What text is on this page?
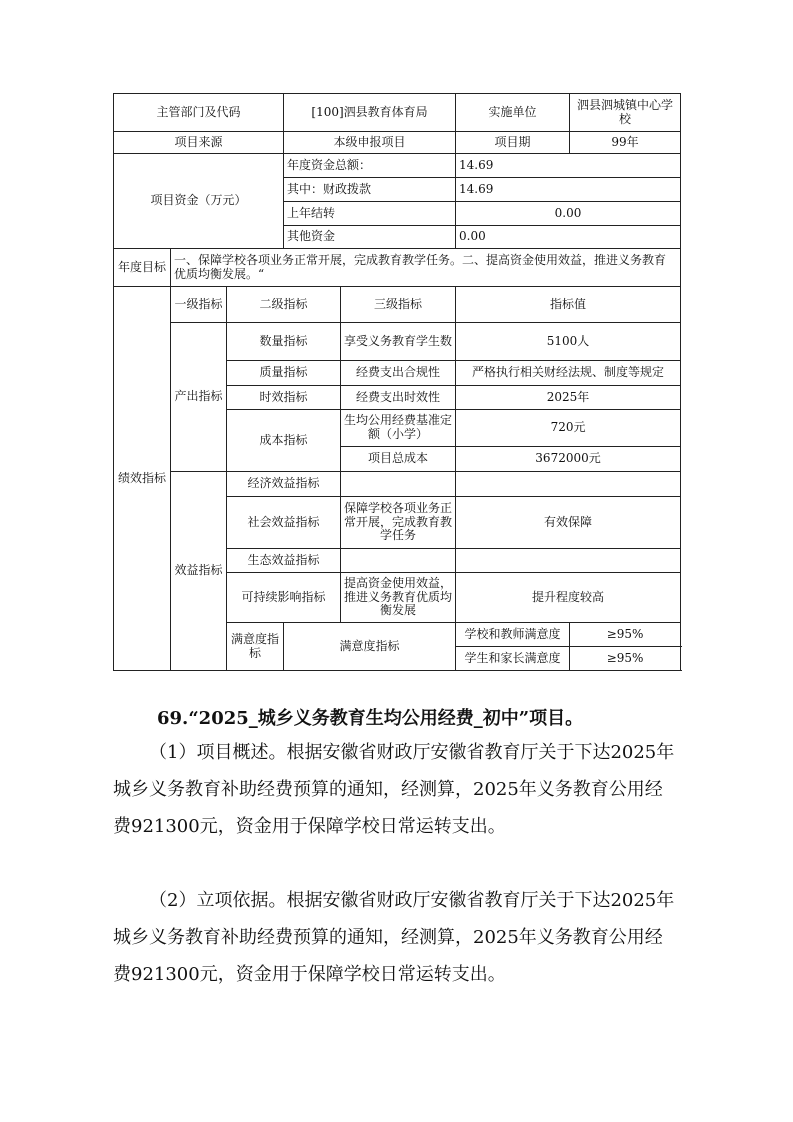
主管部门及代码			[100]泗县教育体育局		实施单位	泗县泗城镇中心学校
项目来源			本级申报项目		项目期	99年
项目资金（万元）			年度资金总额：		14.69	
			其中：财政拨款		14.69	
			上年结转		0.00	
			其他资金		0.00	
年度目标	一、保障学校各项业务正常开展，完成教育教学任务。二、提高资金使用效益，推进义务教育优质均衡发展。“					
绩效指标	一级指标	二级指标		三级指标	指标值	
	产出指标	数量指标		享受义务教育学生数	5100人	
		质量指标		经费支出合规性	严格执行相关财经法规、制度等规定	
		时效指标		经费支出时效性	2025年	
		成本指标		生均公用经费基准定额（小学）	720元	
				项目总成本	3672000元	
	效益指标	经济效益指标				
		社会效益指标		保障学校各项业务正常开展，完成教育教学任务	有效保障	
		生态效益指标				
		可持续影响指标		提高资金使用效益，推进义务教育优质均衡发展	提升程度较高	
		满意度指标	满意度指标		学校和教师满意度	≥95%
					学生和家长满意度	≥95%
69.“2025_城乡义务教育生均公用经费_初中”项目。
（1）项目概述。根据安徽省财政厅安徽省教育厅关于下达2025年城乡义务教育补助经费预算的通知，经测算，2025年义务教育公用经费921300元，资金用于保障学校日常运转支出。
（2）立项依据。根据安徽省财政厅安徽省教育厅关于下达2025年城乡义务教育补助经费预算的通知，经测算，2025年义务教育公用经费921300元，资金用于保障学校日常运转支出。
